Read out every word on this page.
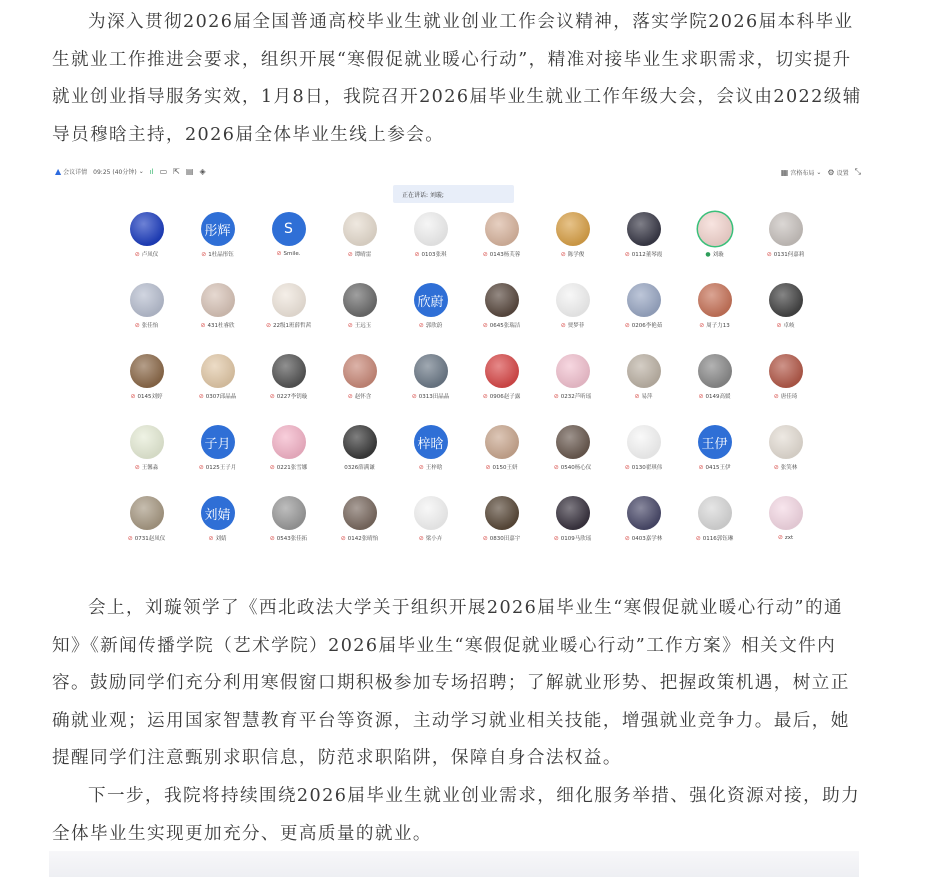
为深入贯彻2026届全国普通高校毕业生就业创业工作会议精神，落实学院2026届本科毕业生就业工作推进会要求，组织开展“寒假促就业暖心行动”，精准对接毕业生求职需求，切实提升就业创业指导服务实效，1月8日，我院召开2026届毕业生就业工作年级大会，会议由2022级辅导员穆晗主持，2026届全体毕业生线上参会。

▲ 会议详情 09:25 (40分钟) ⌄ ıl ▭ ⇱ ▤ ◈	▦ 宫格布局 ⌄ ⚙ 设置 ⤡
正在讲话: 刘璇;
⊘ 卢凤仪
彤辉
⊘ 1杜晶彤钰
S
⊘ Smile.	⊘ 谭晴雷	⊘ 0103张琪	⊘ 0143杨芙蓉	⊘ 陈学俊	⊘ 0112董琴霞	● 刘璇	⊘ 0131何嘉莉
⊘ 张佳怡	⊘ 431杜睿欣	⊘ 22级1班薛哲茜	⊘ 王远玉
欣蔚
⊘ 郭欣蔚	⊘ 0645张瑞洁	⊘ 贾梦菲	⊘ 0206李艳茹	⊘ 周子力13	⊘ 卓岐
⊘ 0145刘婷	⊘ 0307邱晶晶	⊘ 0227李钥璇	⊘ 赵怀含	⊘ 0313田晶晶	⊘ 0906赵子露	⊘ 0232芦昕瑶	⊘ 易萍	⊘ 0149高媛	⊘ 唐佳琦
⊘ 王馨淼
子月
⊘ 0125王子月	⊘ 0221张雪娜	0326薛满谦
梓晗
⊘ 王梓晗	⊘ 0150王妍	⊘ 0540杨心仪	⊘ 0130翟琪伟
王伊
⊘ 0415王伊	⊘ 张笑林
⊘ 0731赵凤仪
刘婧
⊘ 刘婧	⊘ 0543张佳拓	⊘ 0142张晴怡	⊘ 梁小卉	⊘ 0830田嘉宇	⊘ 0109马欣瑶	⊘ 0403嘉学林	⊘ 0116郭钰琳	⊘ zxt

会上，刘璇领学了《西北政法大学关于组织开展2026届毕业生“寒假促就业暖心行动”的通知》《新闻传播学院（艺术学院）2026届毕业生“寒假促就业暖心行动”工作方案》相关文件内容。鼓励同学们充分利用寒假窗口期积极参加专场招聘；了解就业形势、把握政策机遇，树立正确就业观；运用国家智慧教育平台等资源，主动学习就业相关技能，增强就业竞争力。最后，她提醒同学们注意甄别求职信息，防范求职陷阱，保障自身合法权益。

下一步，我院将持续围绕2026届毕业生就业创业需求，细化服务举措、强化资源对接，助力全体毕业生实现更加充分、更高质量的就业。
